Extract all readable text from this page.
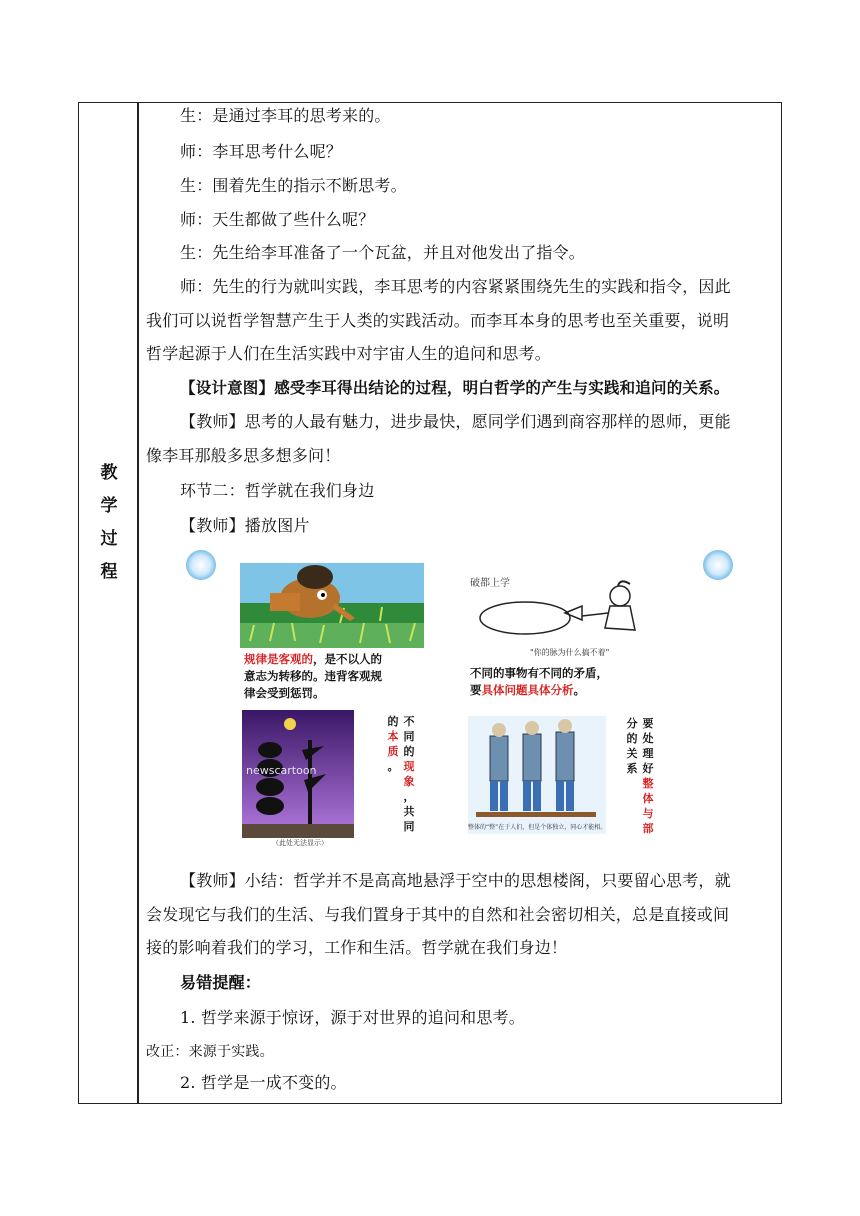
教
学
过
程
生：是通过李耳的思考来的。
师：李耳思考什么呢？
生：围着先生的指示不断思考。
师：天生都做了些什么呢？
生：先生给李耳准备了一个瓦盆，并且对他发出了指令。
师：先生的行为就叫实践，李耳思考的内容紧紧围绕先生的实践和指令，因此
我们可以说哲学智慧产生于人类的实践活动。而李耳本身的思考也至关重要，说明
哲学起源于人们在生活实践中对宇宙人生的追问和思考。
【设计意图】感受李耳得出结论的过程，明白哲学的产生与实践和追问的关系。
【教师】思考的人最有魅力，进步最快，愿同学们遇到商容那样的恩师，更能
像李耳那般多思多想多问！
环节二：哲学就在我们身边
【教师】播放图片
规律是客观的，是不以人的
意志为转移的。违背客观规
律会受到惩罚。
破都上学
"你的脉为什么搞不着"
不同的事物有不同的矛盾，
要具体问题具体分析。
newscartoon
（此处无法显示）
的
本
质
。
不
同
的
现
象
，
共
同	整体的“整”在于人们，但是个体独立，同心才能相。
分
的
关
系
要
处
理
好
整
体
与
部
【教师】小结：哲学并不是高高地悬浮于空中的思想楼阁，只要留心思考，就
会发现它与我们的生活、与我们置身于其中的自然和社会密切相关，总是直接或间
接的影响着我们的学习，工作和生活。哲学就在我们身边！
易错提醒：
1. 哲学来源于惊讶，源于对世界的追问和思考。
改正：来源于实践。
2. 哲学是一成不变的。
